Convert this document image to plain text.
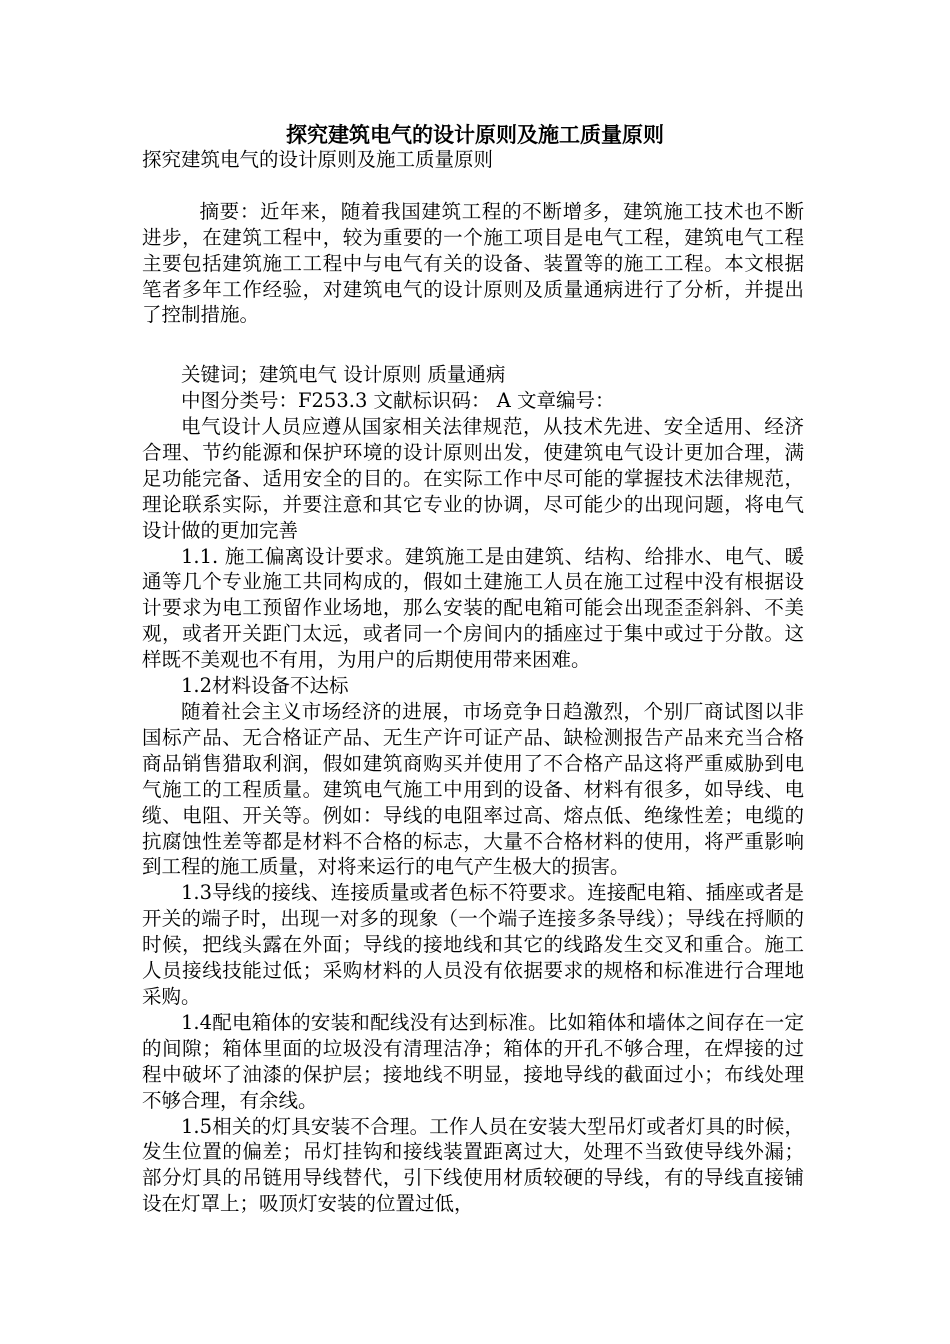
探究建筑电气的设计原则及施工质量原则

探究建筑电气的设计原则及施工质量原则

摘要：近年来，随着我国建筑工程的不断增多，建筑施工技术也不断进步，在建筑工程中，较为重要的一个施工项目是电气工程，建筑电气工程主要包括建筑施工工程中与电气有关的设备、装置等的施工工程。本文根据笔者多年工作经验，对建筑电气的设计原则及质量通病进行了分析，并提出了控制措施。

关键词；建筑电气 设计原则 质量通病

中图分类号：F253.3 文献标识码： A 文章编号：

电气设计人员应遵从国家相关法律规范，从技术先进、安全适用、经济合理、节约能源和保护环境的设计原则出发，使建筑电气设计更加合理，满足功能完备、适用安全的目的。在实际工作中尽可能的掌握技术法律规范，理论联系实际，并要注意和其它专业的协调，尽可能少的出现问题，将电气设计做的更加完善

1.1. 施工偏离设计要求。建筑施工是由建筑、结构、给排水、电气、暖通等几个专业施工共同构成的，假如土建施工人员在施工过程中没有根据设计要求为电工预留作业场地，那么安装的配电箱可能会出现歪歪斜斜、不美观，或者开关距门太远，或者同一个房间内的插座过于集中或过于分散。这样既不美观也不有用，为用户的后期使用带来困难。

1.2材料设备不达标

随着社会主义市场经济的进展，市场竞争日趋激烈，个别厂商试图以非国标产品、无合格证产品、无生产许可证产品、缺检测报告产品来充当合格商品销售猎取利润，假如建筑商购买并使用了不合格产品这将严重威胁到电气施工的工程质量。建筑电气施工中用到的设备、材料有很多，如导线、电缆、电阻、开关等。例如：导线的电阻率过高、熔点低、绝缘性差；电缆的抗腐蚀性差等都是材料不合格的标志，大量不合格材料的使用，将严重影响到工程的施工质量，对将来运行的电气产生极大的损害。

1.3导线的接线、连接质量或者色标不符要求。连接配电箱、插座或者是开关的端子时，出现一对多的现象（一个端子连接多条导线）；导线在捋顺的时候，把线头露在外面；导线的接地线和其它的线路发生交叉和重合。施工人员接线技能过低；采购材料的人员没有依据要求的规格和标准进行合理地采购。

1.4配电箱体的安装和配线没有达到标准。比如箱体和墙体之间存在一定的间隙；箱体里面的垃圾没有清理洁净；箱体的开孔不够合理，在焊接的过程中破坏了油漆的保护层；接地线不明显，接地导线的截面过小；布线处理不够合理，有余线。

1.5相关的灯具安装不合理。工作人员在安装大型吊灯或者灯具的时候，发生位置的偏差；吊灯挂钩和接线装置距离过大，处理不当致使导线外漏；部分灯具的吊链用导线替代，引下线使用材质较硬的导线，有的导线直接铺设在灯罩上；吸顶灯安装的位置过低，
